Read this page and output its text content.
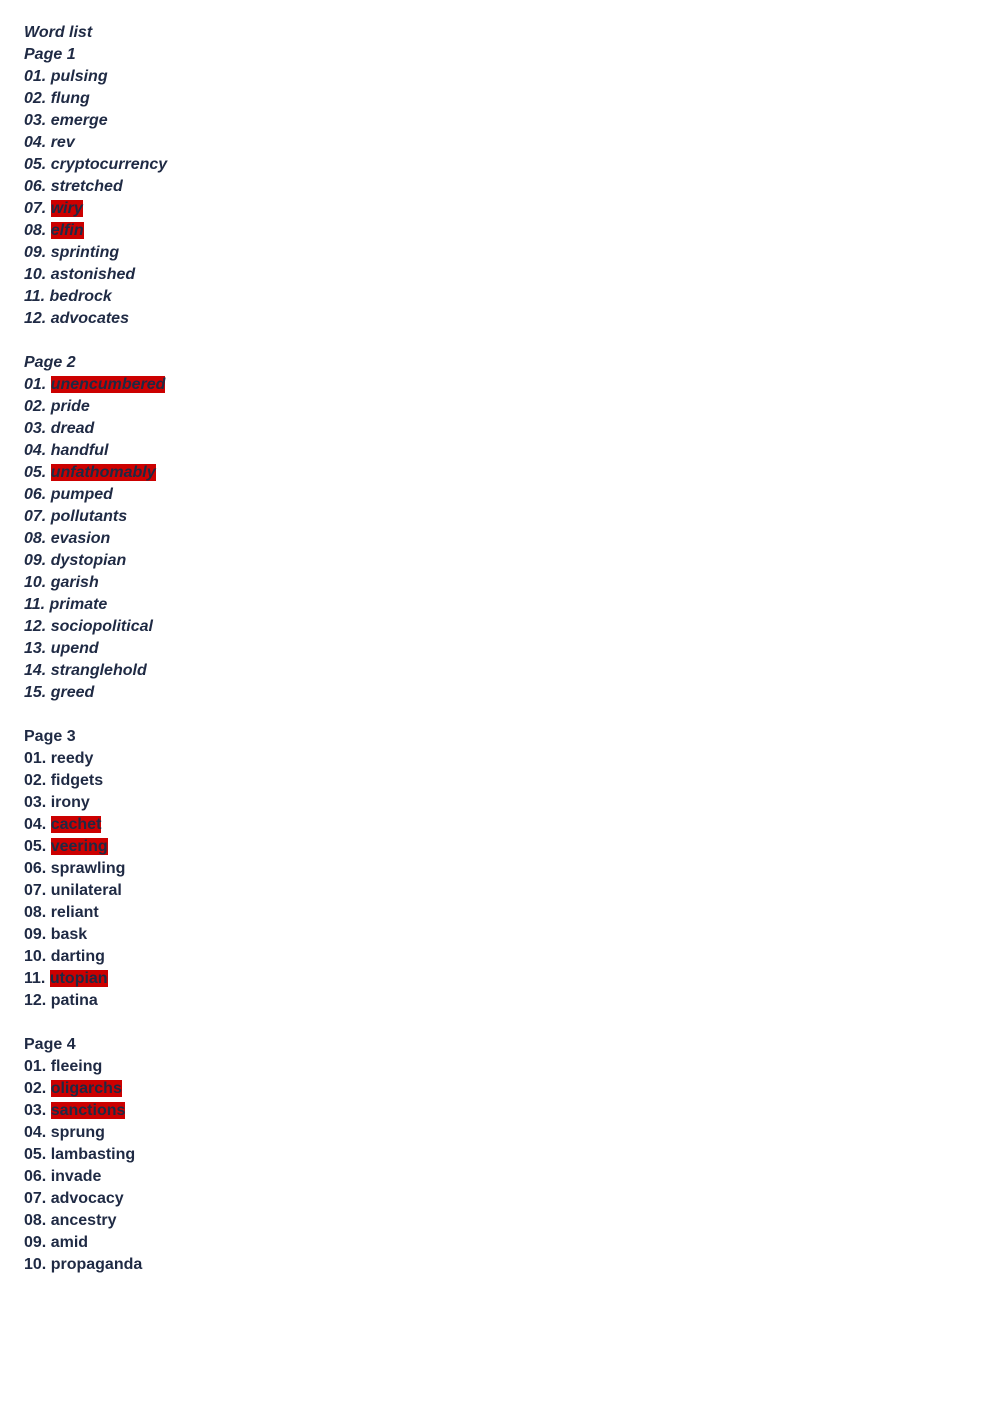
Word list
Page 1
01. pulsing
02. flung
03. emerge
04. rev
05. cryptocurrency
06. stretched
07. wiry
08. elfin
09. sprinting
10. astonished
11. bedrock
12. advocates
Page 2
01. unencumbered
02. pride
03. dread
04. handful
05. unfathomably
06. pumped
07. pollutants
08. evasion
09. dystopian
10. garish
11. primate
12. sociopolitical
13. upend
14. stranglehold
15. greed
Page 3
01. reedy
02. fidgets
03. irony
04. cachet
05. veering
06. sprawling
07. unilateral
08. reliant
09. bask
10. darting
11. utopian
12. patina
Page 4
01. fleeing
02. oligarchs
03. sanctions
04. sprung
05. lambasting
06. invade
07. advocacy
08. ancestry
09. amid
10. propaganda
